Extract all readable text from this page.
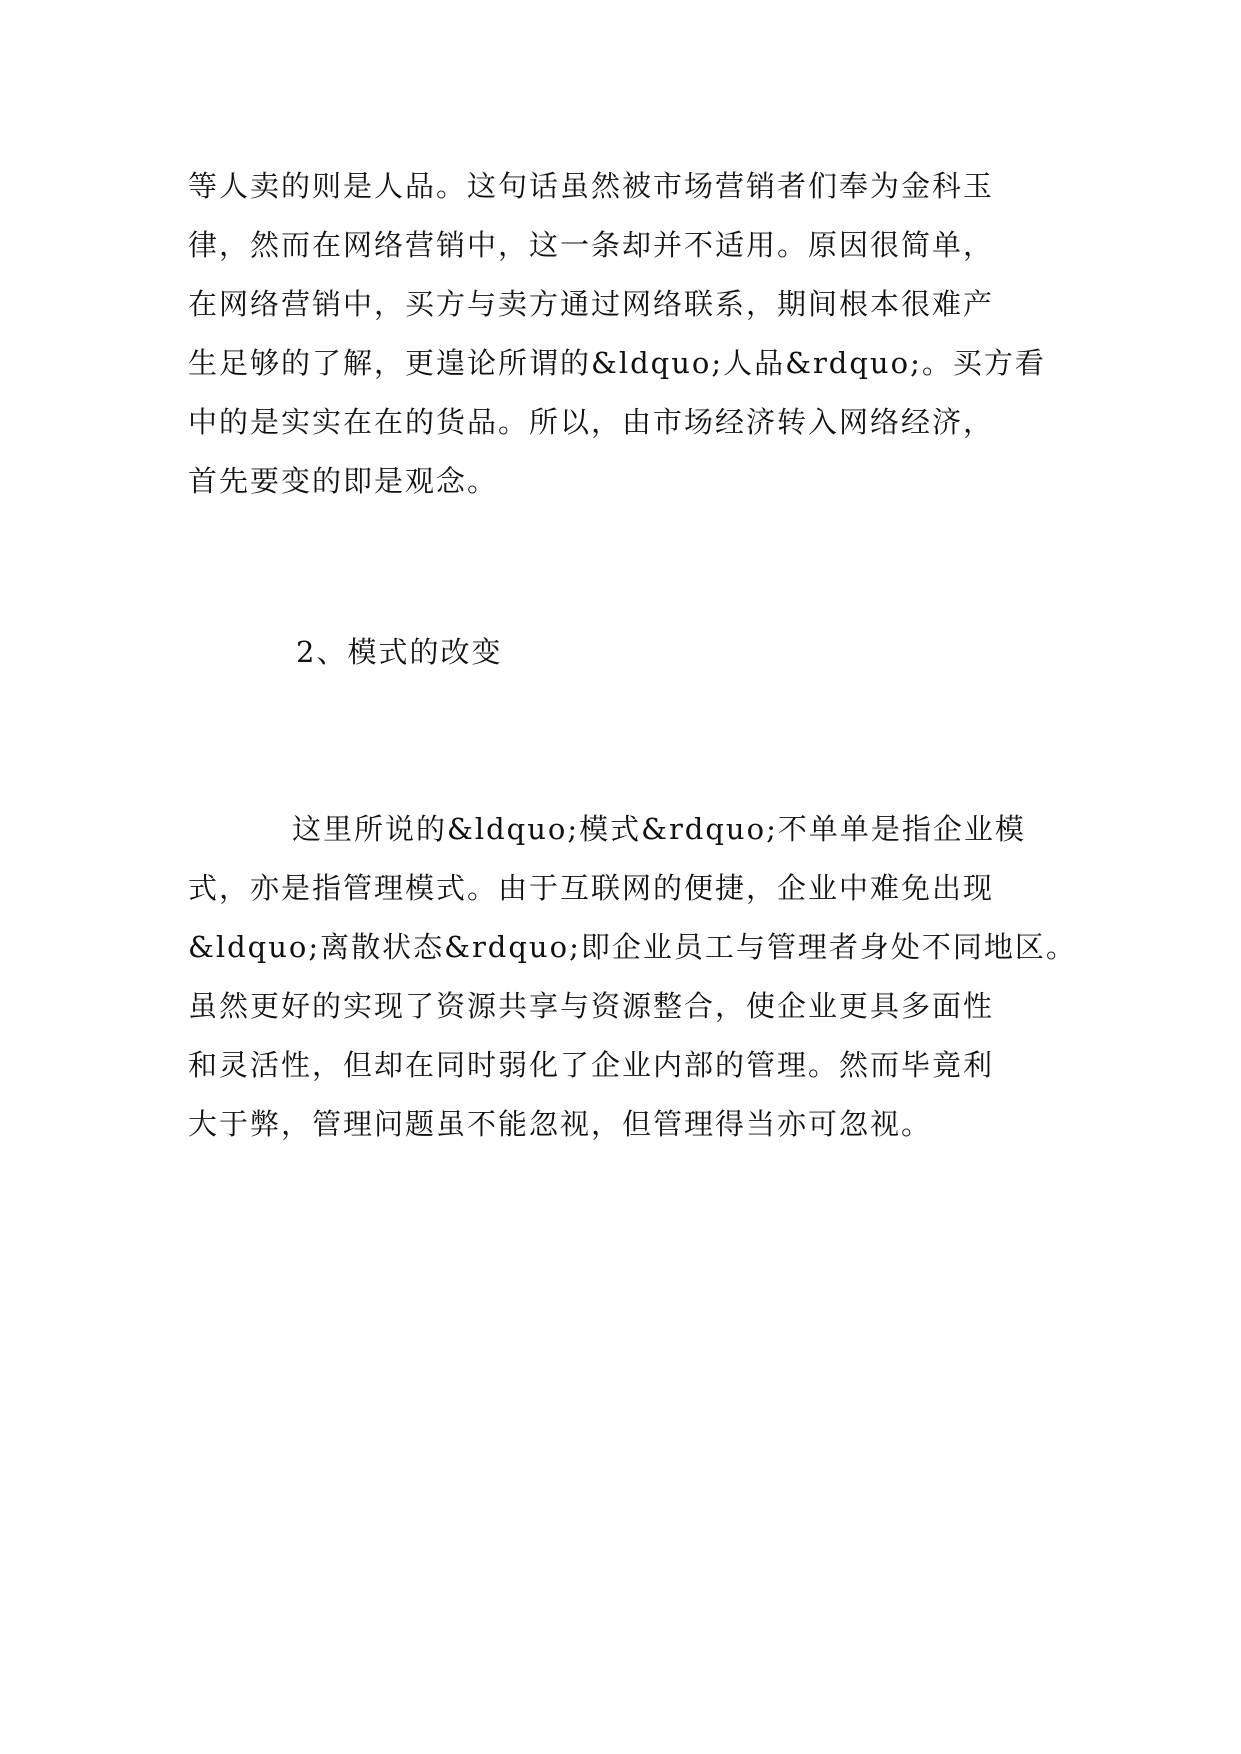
等人卖的则是人品。这句话虽然被市场营销者们奉为金科玉
律，然而在网络营销中，这一条却并不适用。原因很简单，
在网络营销中，买方与卖方通过网络联系，期间根本很难产
生足够的了解，更遑论所谓的&ldquo;人品&rdquo;。买方看
中的是实实在在的货品。所以，由市场经济转入网络经济，
首先要变的即是观念。
2、模式的改变
这里所说的&ldquo;模式&rdquo;不单单是指企业模
式，亦是指管理模式。由于互联网的便捷，企业中难免出现
&ldquo;离散状态&rdquo;即企业员工与管理者身处不同地区。
虽然更好的实现了资源共享与资源整合，使企业更具多面性
和灵活性，但却在同时弱化了企业内部的管理。然而毕竟利
大于弊，管理问题虽不能忽视，但管理得当亦可忽视。
